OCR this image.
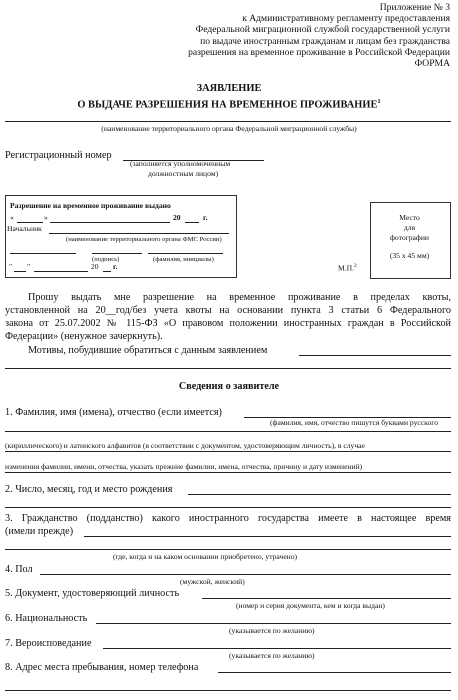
Приложение № 3
к Административному регламенту предоставления
Федеральной миграционной службой государственной услуги
по выдаче иностранным гражданам и лицам без гражданства
разрешения на временное проживание в Российской Федерации
ФОРМА
ЗАЯВЛЕНИЕ
О ВЫДАЧЕ РАЗРЕШЕНИЯ НА ВРЕМЕННОЕ ПРОЖИВАНИЕ$^1$
(наименование территориального органа Федеральной миграционной службы)
Регистрационный номер
(заполняется уполномоченным
должностным лицом)
Разрешение на временное проживание выдано
«	»	20	г.
Начальник
(наименование территориального органа ФМС России)
(подпись)	(фамилия, инициалы)
" "	20 г.	М.П.$^2$
Место
для
фотографии
(35 х 45 мм)
Прошу выдать мне разрешение на временное проживание в пределах квоты,
установленной на 20__год/без учета квоты на основании пункта 3 статьи 6 Федерального
закона от 25.07.2002 № 115-ФЗ «О правовом положении иностранных граждан в Российской
Федерации» (ненужное зачеркнуть).
Мотивы, побудившие обратиться с данным заявлением
Сведения о заявителе
1. Фамилия, имя (имена), отчество (если имеется)
(фамилия, имя, отчество пишутся буквами русского
(кириллического) и латинского алфавитов (в соответствии с документом, удостоверяющим личность), в случае
изменения фамилии, имени, отчества, указать прежние фамилии, имена, отчества, причину и дату изменений)
2. Число, месяц, год и место рождения
3. Гражданство (подданство) какого иностранного государства имеете в настоящее время
(имели прежде)
(где, когда и на каком основании приобретено, утрачено)
4. Пол
(мужской, женский)
5. Документ, удостоверяющий личность
(номер и серия документа, кем и когда выдан)
6. Национальность
(указывается по желанию)
7. Вероисповедание
(указывается по желанию)
8. Адрес места пребывания, номер телефона
